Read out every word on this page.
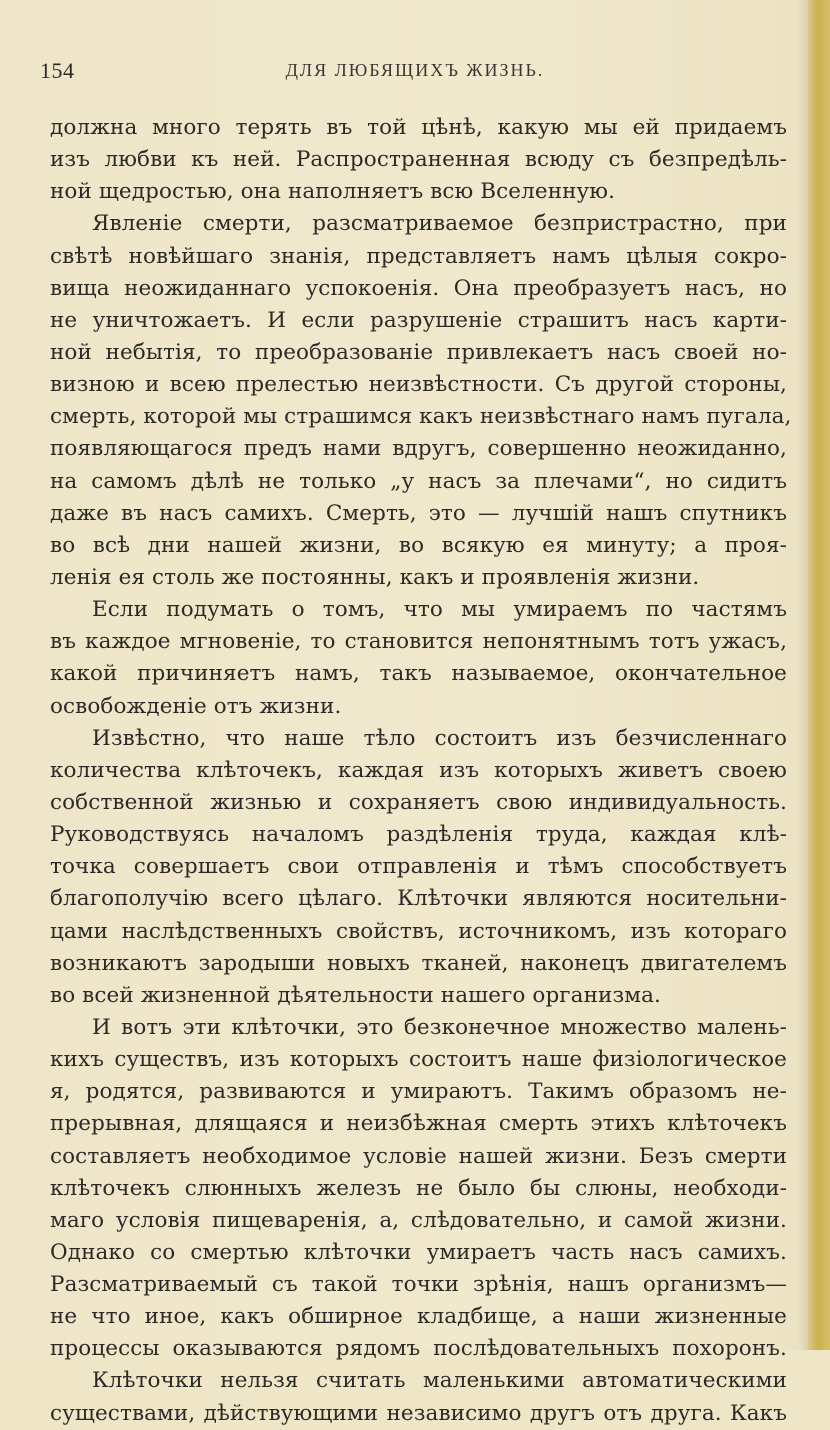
154	ДЛЯ ЛЮБЯЩИХЪ ЖИЗНЬ.
должна много терять въ той цѣнѣ, какую мы ей придаемъ
изъ любви къ ней. Распространенная всюду съ безпредѣль-
ной щедростью, она наполняетъ всю Вселенную.
Явленіе смерти, разсматриваемое безпристрастно, при
свѣтѣ новѣйшаго знанія, представляетъ намъ цѣлыя сокро-
вища неожиданнаго успокоенія. Она преобразуетъ насъ, но
не уничтожаетъ. И если разрушеніе страшитъ насъ карти-
ной небытія, то преобразованіе привлекаетъ насъ своей но-
визною и всею прелестью неизвѣстности. Съ другой стороны,
смерть, которой мы страшимся какъ неизвѣстнаго намъ пугала,
появляющагося предъ нами вдругъ, совершенно неожиданно,
на самомъ дѣлѣ не только „у насъ за плечами“, но сидитъ
даже въ насъ самихъ. Смерть, это — лучшій нашъ спутникъ
во всѣ дни нашей жизни, во всякую ея минуту; а проя-
ленія ея столь же постоянны, какъ и проявленія жизни.
Если подумать о томъ, что мы умираемъ по частямъ
въ каждое мгновеніе, то становится непонятнымъ тотъ ужасъ,
какой причиняетъ намъ, такъ называемое, окончательное
освобожденіе отъ жизни.
Извѣстно, что наше тѣло состоитъ изъ безчисленнаго
количества клѣточекъ, каждая изъ которыхъ живетъ своею
собственной жизнью и сохраняетъ свою индивидуальность.
Руководствуясь началомъ раздѣленія труда, каждая клѣ-
точка совершаетъ свои отправленія и тѣмъ способствуетъ
благополучію всего цѣлаго. Клѣточки являются носительни-
цами наслѣдственныхъ свойствъ, источникомъ, изъ котораго
возникаютъ зародыши новыхъ тканей, наконецъ двигателемъ
во всей жизненной дѣятельности нашего организма.
И вотъ эти клѣточки, это безконечное множество малень-
кихъ существъ, изъ которыхъ состоитъ наше физiологическое
я, родятся, развиваются и умираютъ. Такимъ образомъ не-
прерывная, длящаяся и неизбѣжная смерть этихъ клѣточекъ
составляетъ необходимое условіе нашей жизни. Безъ смерти
клѣточекъ слюнныхъ железъ не было бы слюны, необходи-
маго условія пищеваренія, а, слѣдовательно, и самой жизни.
Однако со смертью клѣточки умираетъ часть насъ самихъ.
Разсматриваемый съ такой точки зрѣнія, нашъ организмъ—
не что иное, какъ обширное кладбище, а наши жизненные
процессы оказываются рядомъ послѣдовательныхъ похоронъ.
Клѣточки нельзя считать маленькими автоматическими
существами, дѣйствующими независимо другъ отъ друга. Какъ
